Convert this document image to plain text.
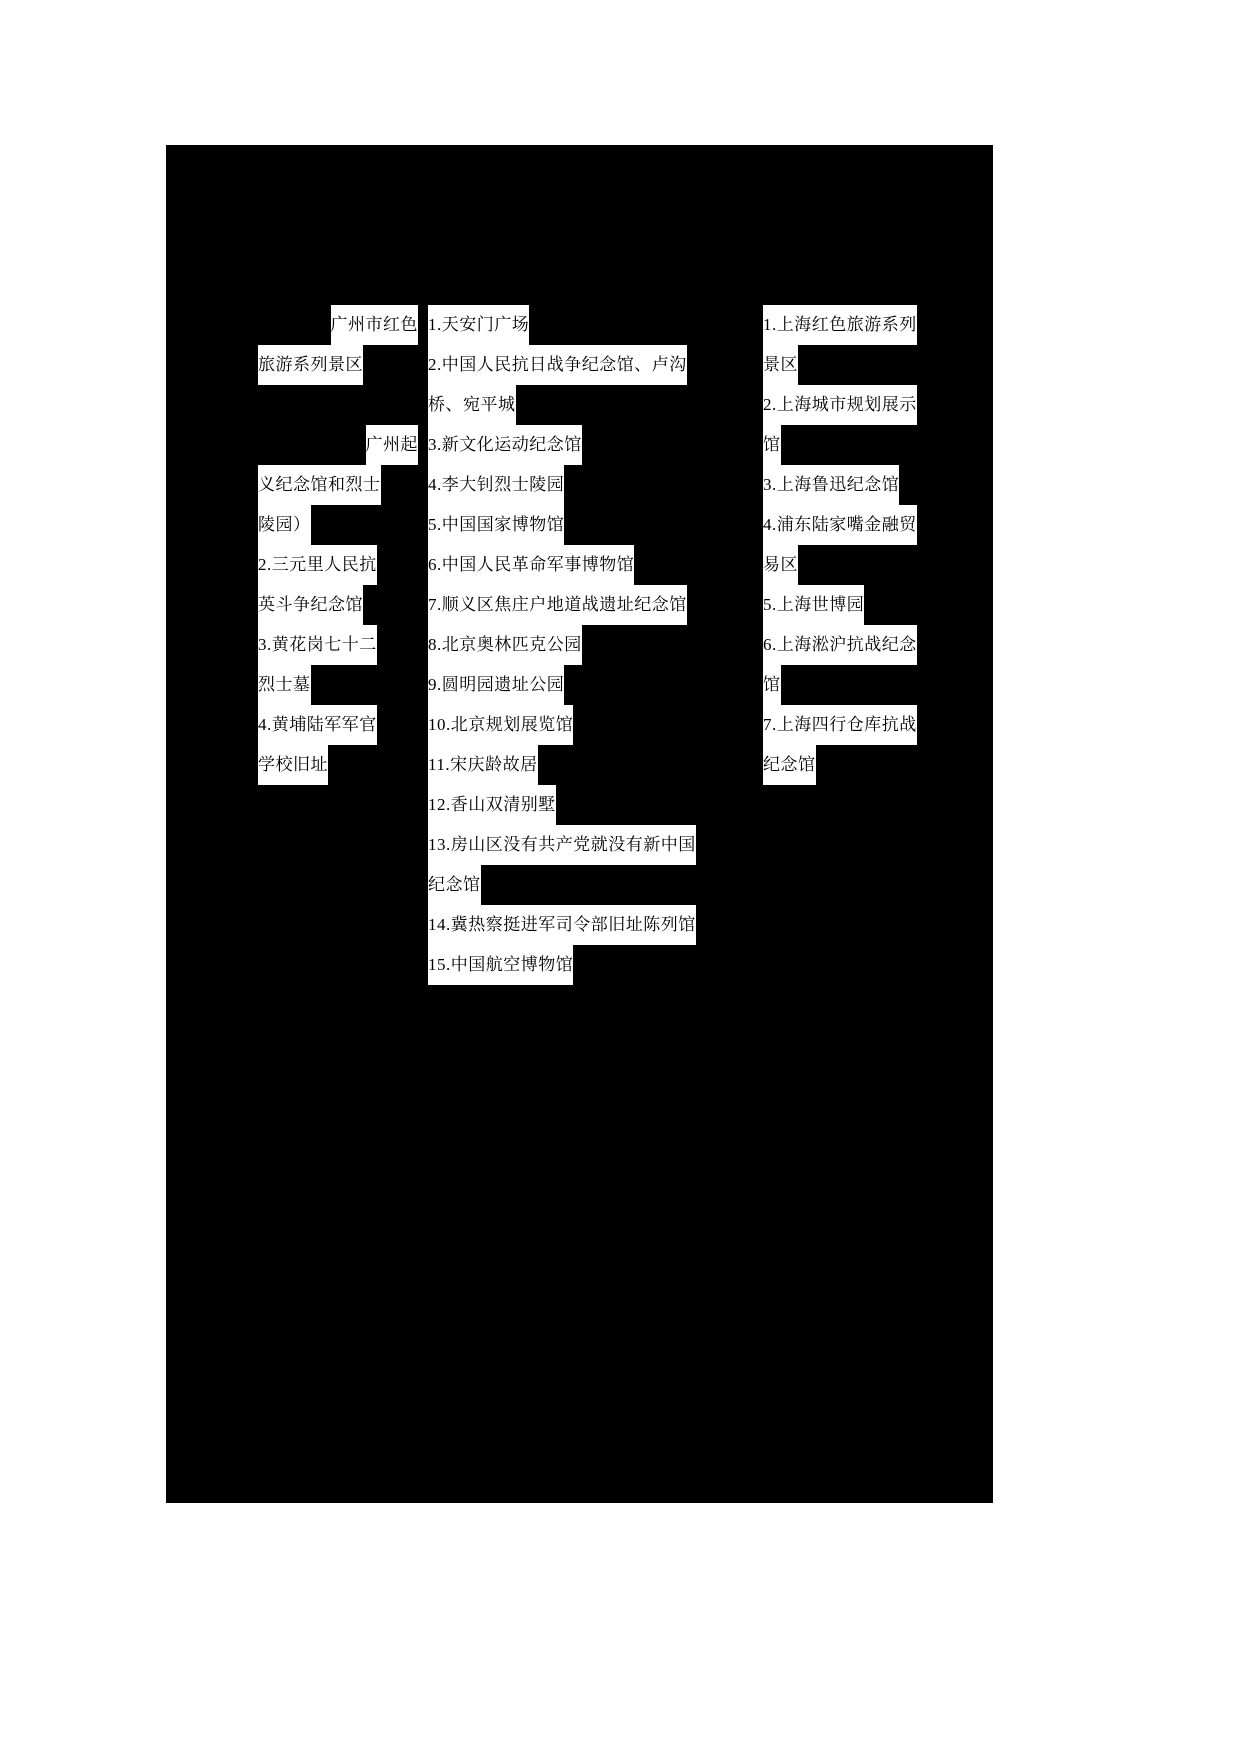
广州市红色
旅游系列景区
广州起
义纪念馆和烈士
陵园）
2.三元里人民抗
英斗争纪念馆
3.黄花岗七十二
烈士墓
4.黄埔陆军军官
学校旧址
1.天安门广场
2.中国人民抗日战争纪念馆、卢沟
桥、宛平城
3.新文化运动纪念馆
4.李大钊烈士陵园
5.中国国家博物馆
6.中国人民革命军事博物馆
7.顺义区焦庄户地道战遗址纪念馆
8.北京奥林匹克公园
9.圆明园遗址公园
10.北京规划展览馆
11.宋庆龄故居
12.香山双清别墅
13.房山区没有共产党就没有新中国
纪念馆
14.冀热察挺进军司令部旧址陈列馆
15.中国航空博物馆
1.上海红色旅游系列
景区
2.上海城市规划展示
馆
3.上海鲁迅纪念馆
4.浦东陆家嘴金融贸
易区
5.上海世博园
6.上海淞沪抗战纪念
馆
7.上海四行仓库抗战
纪念馆
